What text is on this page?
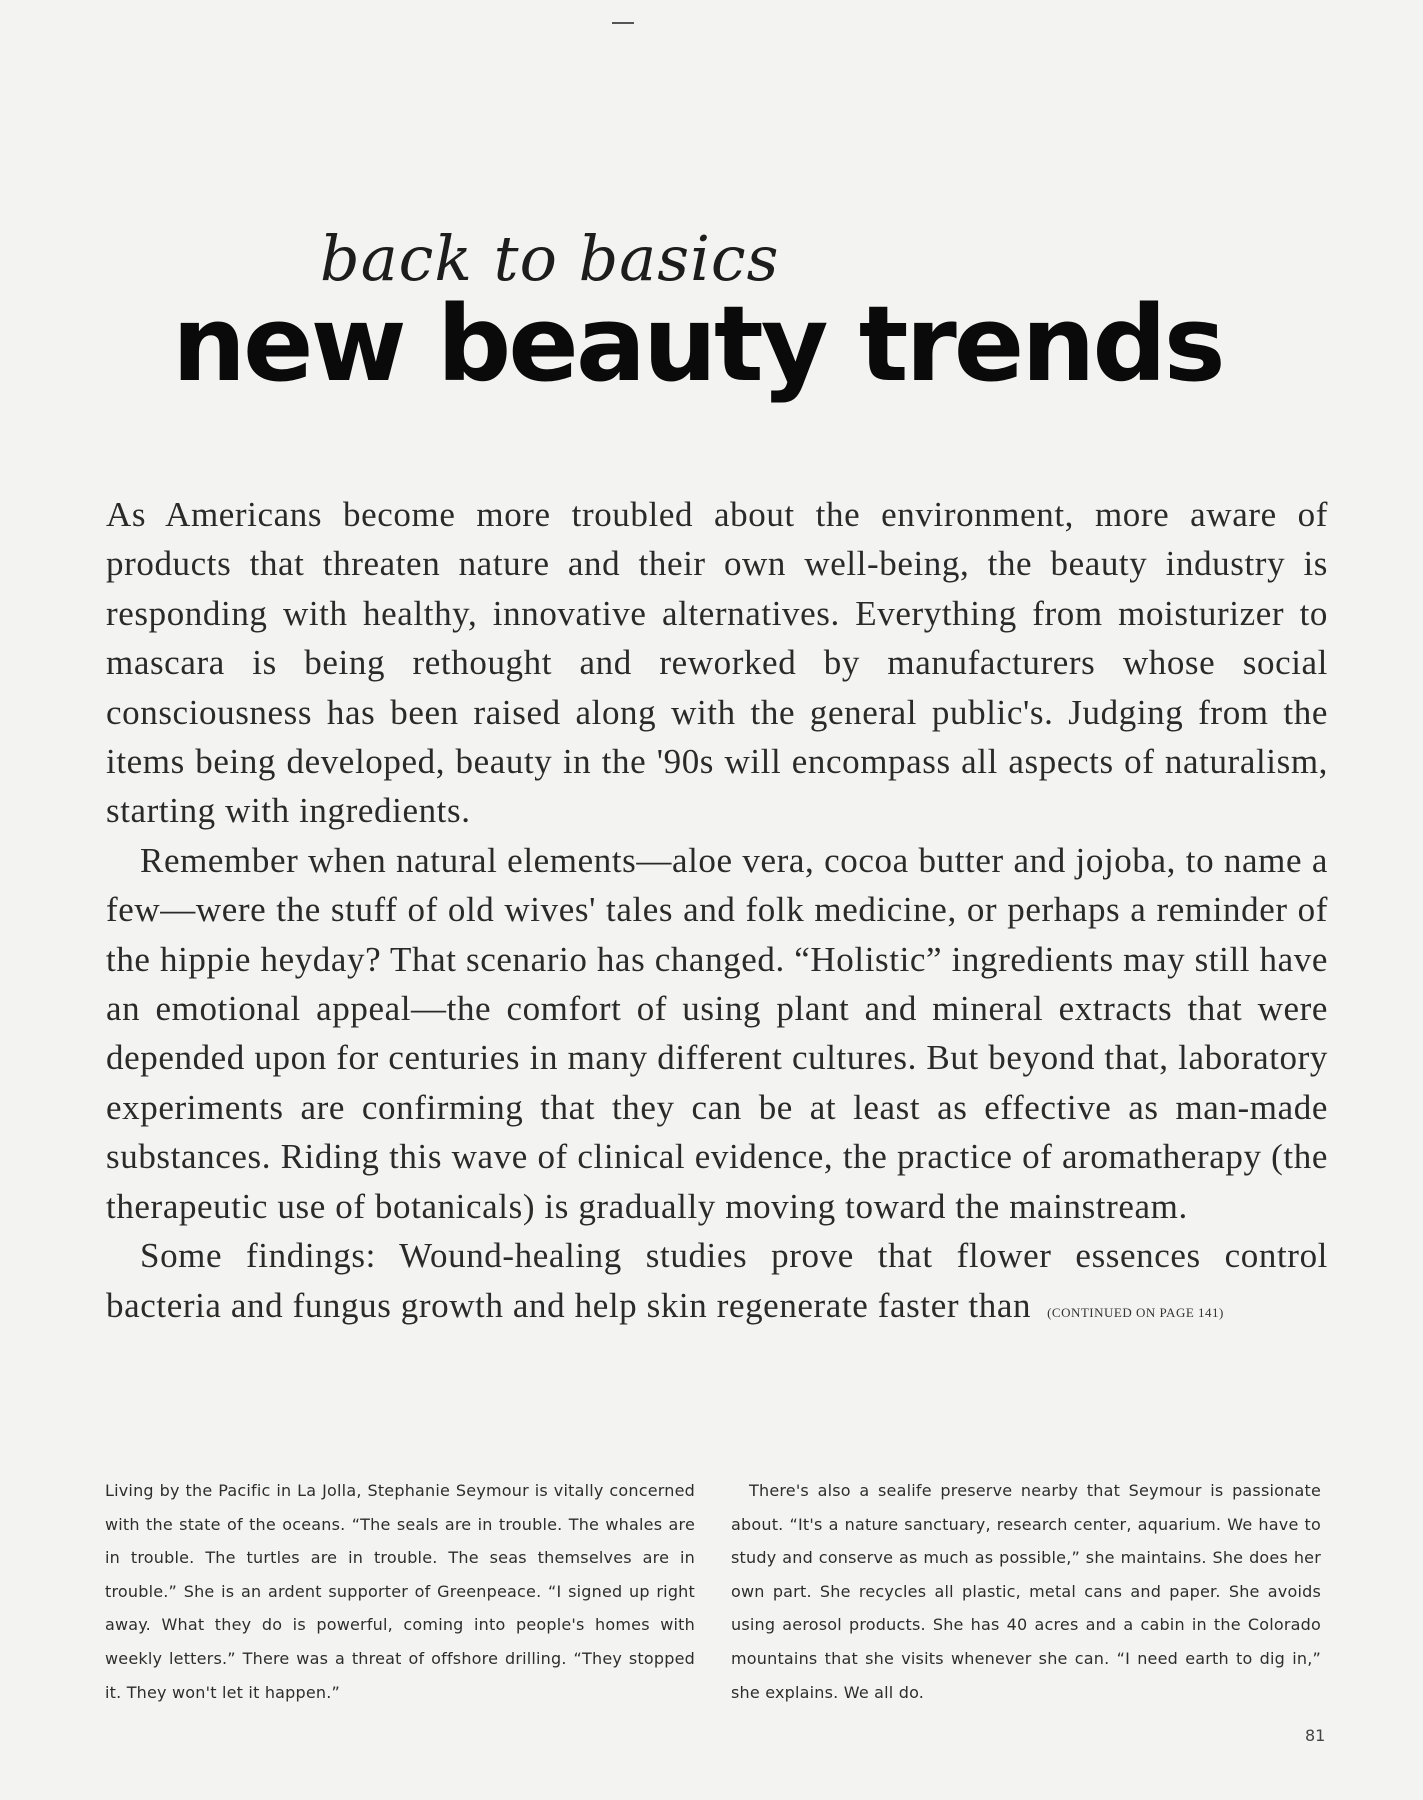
back to basics
new beauty trends

As Americans become more troubled about the environment, more aware of products that threaten nature and their own well-being, the beauty industry is responding with healthy, innovative alternatives. Everything from moisturizer to mascara is being rethought and reworked by manufacturers whose social consciousness has been raised along with the general public's. Judging from the items being developed, beauty in the '90s will encompass all aspects of naturalism, starting with ingredients.

Remember when natural elements—aloe vera, cocoa butter and jojoba, to name a few—were the stuff of old wives' tales and folk medicine, or perhaps a reminder of the hippie heyday? That scenario has changed. “Holistic” ingredients may still have an emotional appeal—the comfort of using plant and mineral extracts that were depended upon for centuries in many different cultures. But beyond that, laboratory experiments are confirming that they can be at least as effective as man-made substances. Riding this wave of clinical evidence, the practice of aromatherapy (the therapeutic use of botanicals) is gradually moving toward the mainstream.

Some findings: Wound-healing studies prove that flower essences control bacteria and fungus growth and help skin regenerate faster than (CONTINUED ON PAGE 141)

Living by the Pacific in La Jolla, Stephanie Seymour is vitally concerned with the state of the oceans. “The seals are in trouble. The whales are in trouble. The turtles are in trouble. The seas themselves are in trouble.” She is an ardent supporter of Greenpeace. “I signed up right away. What they do is powerful, coming into people's homes with weekly letters.” There was a threat of offshore drilling. “They stopped it. They won't let it happen.”

There's also a sealife preserve nearby that Seymour is passionate about. “It's a nature sanctuary, research center, aquarium. We have to study and conserve as much as possible,” she maintains. She does her own part. She recycles all plastic, metal cans and paper. She avoids using aerosol products. She has 40 acres and a cabin in the Colorado mountains that she visits whenever she can. “I need earth to dig in,” she explains. We all do.

81
